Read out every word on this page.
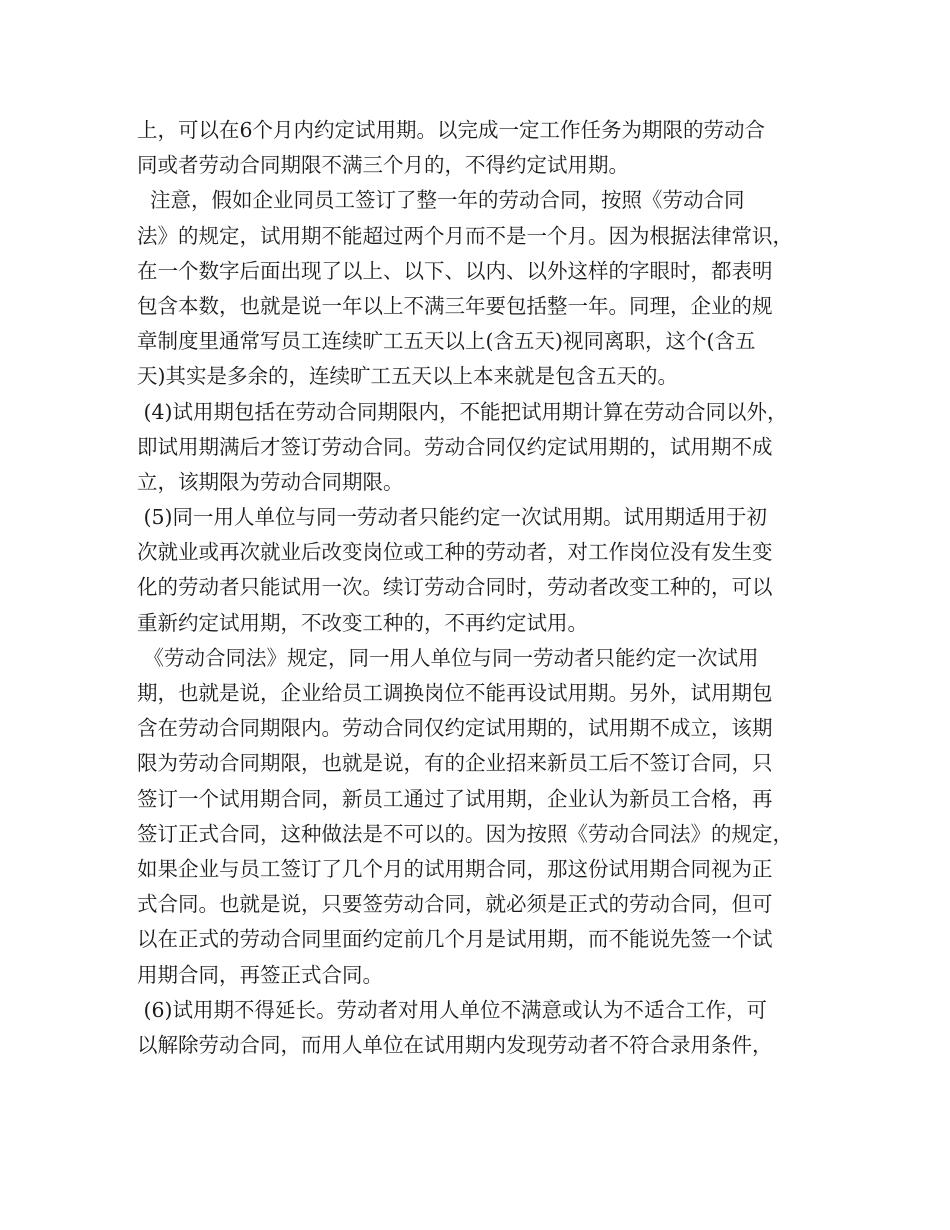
上，可以在6个月内约定试用期。以完成一定工作任务为期限的劳动合

同或者劳动合同期限不满三个月的，不得约定试用期。

注意，假如企业同员工签订了整一年的劳动合同，按照《劳动合同

法》的规定，试用期不能超过两个月而不是一个月。因为根据法律常识，

在一个数字后面出现了以上、以下、以内、以外这样的字眼时，都表明

包含本数，也就是说一年以上不满三年要包括整一年。同理，企业的规

章制度里通常写员工连续旷工五天以上(含五天)视同离职，这个(含五

天)其实是多余的，连续旷工五天以上本来就是包含五天的。

(4)试用期包括在劳动合同期限内，不能把试用期计算在劳动合同以外，

即试用期满后才签订劳动合同。劳动合同仅约定试用期的，试用期不成

立，该期限为劳动合同期限。

(5)同一用人单位与同一劳动者只能约定一次试用期。试用期适用于初

次就业或再次就业后改变岗位或工种的劳动者，对工作岗位没有发生变

化的劳动者只能试用一次。续订劳动合同时，劳动者改变工种的，可以

重新约定试用期，不改变工种的，不再约定试用。

《劳动合同法》规定，同一用人单位与同一劳动者只能约定一次试用

期，也就是说，企业给员工调换岗位不能再设试用期。另外，试用期包

含在劳动合同期限内。劳动合同仅约定试用期的，试用期不成立，该期

限为劳动合同期限，也就是说，有的企业招来新员工后不签订合同，只

签订一个试用期合同，新员工通过了试用期，企业认为新员工合格，再

签订正式合同，这种做法是不可以的。因为按照《劳动合同法》的规定，

如果企业与员工签订了几个月的试用期合同，那这份试用期合同视为正

式合同。也就是说，只要签劳动合同，就必须是正式的劳动合同，但可

以在正式的劳动合同里面约定前几个月是试用期，而不能说先签一个试

用期合同，再签正式合同。

(6)试用期不得延长。劳动者对用人单位不满意或认为不适合工作，可

以解除劳动合同，而用人单位在试用期内发现劳动者不符合录用条件，
